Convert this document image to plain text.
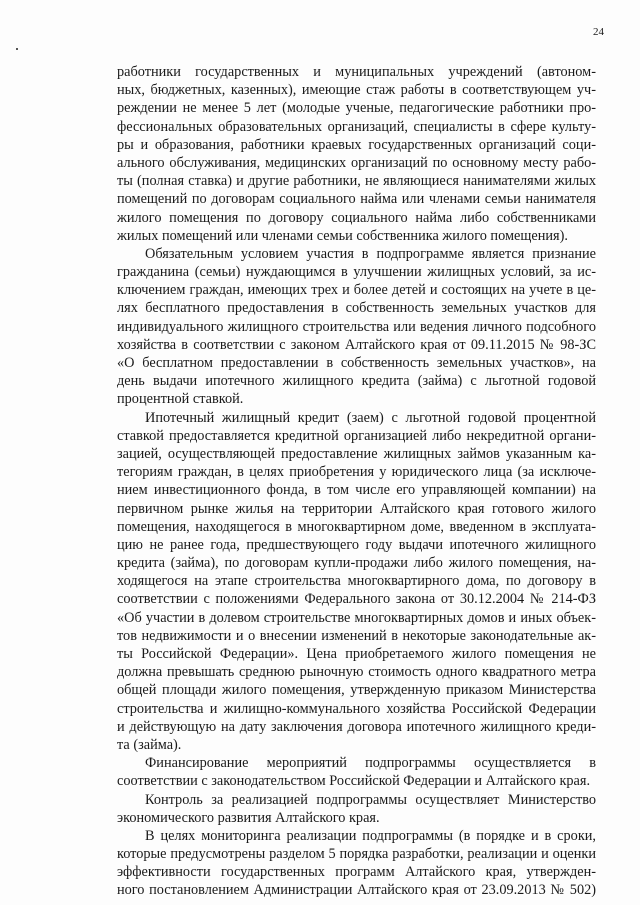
24

работники государственных и муниципальных учреждений (автоном-
ных, бюджетных, казенных), имеющие стаж работы в соответствующем уч-
реждении не менее 5 лет (молодые ученые, педагогические работники про-
фессиональных образовательных организаций, специалисты в сфере культу-
ры и образования, работники краевых государственных организаций соци-
ального обслуживания, медицинских организаций по основному месту рабо-
ты (полная ставка) и другие работники, не являющиеся нанимателями жилых
помещений по договорам социального найма или членами семьи нанимателя
жилого помещения по договору социального найма либо собственниками
жилых помещений или членами семьи собственника жилого помещения).

Обязательным условием участия в подпрограмме является признание
гражданина (семьи) нуждающимся в улучшении жилищных условий, за ис-
ключением граждан, имеющих трех и более детей и состоящих на учете в це-
лях бесплатного предоставления в собственность земельных участков для
индивидуального жилищного строительства или ведения личного подсобного
хозяйства в соответствии с законом Алтайского края от 09.11.2015 № 98-ЗС
«О бесплатном предоставлении в собственность земельных участков», на
день выдачи ипотечного жилищного кредита (займа) с льготной годовой
процентной ставкой.

Ипотечный жилищный кредит (заем) с льготной годовой процентной
ставкой предоставляется кредитной организацией либо некредитной органи-
зацией, осуществляющей предоставление жилищных займов указанным ка-
тегориям граждан, в целях приобретения у юридического лица (за исключе-
нием инвестиционного фонда, в том числе его управляющей компании) на
первичном рынке жилья на территории Алтайского края готового жилого
помещения, находящегося в многоквартирном доме, введенном в эксплуата-
цию не ранее года, предшествующего году выдачи ипотечного жилищного
кредита (займа), по договорам купли-продажи либо жилого помещения, на-
ходящегося на этапе строительства многоквартирного дома, по договору в
соответствии с положениями Федерального закона от 30.12.2004 № 214-ФЗ
«Об участии в долевом строительстве многоквартирных домов и иных объек-
тов недвижимости и о внесении изменений в некоторые законодательные ак-
ты Российской Федерации». Цена приобретаемого жилого помещения не
должна превышать среднюю рыночную стоимость одного квадратного метра
общей площади жилого помещения, утвержденную приказом Министерства
строительства и жилищно-коммунального хозяйства Российской Федерации
и действующую на дату заключения договора ипотечного жилищного креди-
та (займа).

Финансирование мероприятий подпрограммы осуществляется в
соответствии с законодательством Российской Федерации и Алтайского края.

Контроль за реализацией подпрограммы осуществляет Министерство
экономического развития Алтайского края.

В целях мониторинга реализации подпрограммы (в порядке и в сроки,
которые предусмотрены разделом 5 порядка разработки, реализации и оценки
эффективности государственных программ Алтайского края, утвержден-
ного постановлением Администрации Алтайского края от 23.09.2013 № 502)
